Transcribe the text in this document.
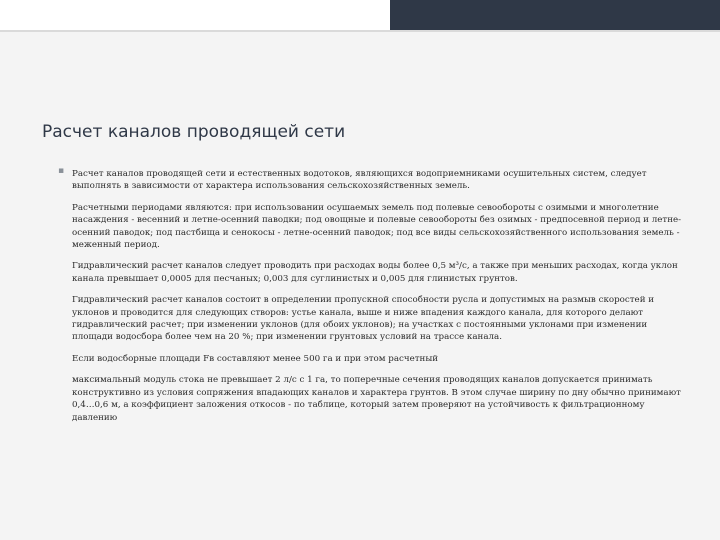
Расчет каналов проводящей сети
▪ Расчет каналов проводящей сети и естественных водотоков, являющихся водоприемниками осушительных систем, следует выполнять в зависимости от характера использования сельскохозяйственных земель.

Расчетными периодами являются: при использовании осушаемых земель под полевые севообороты с озимыми и многолетние насаждения - весенний и летне-осенний паводки; под овощные и полевые севообороты без озимых - предпосевной период и летне-осенний паводок; под пастбища и сенокосы - летне-осенний паводок; под все виды сельскохозяйственного использования земель - меженный период.

Гидравлический расчет каналов следует проводить при расходах воды более 0,5 м³/с, а также при меньших расходах, когда уклон канала превышает 0,0005 для песчаных; 0,003 для суглинистых и 0,005 для глинистых грунтов.

Гидравлический расчет каналов состоит в определении пропускной способности русла и допустимых на размыв скоростей и уклонов и проводится для следующих створов: устье канала, выше и ниже впадения каждого канала, для которого делают гидравлический расчет; при изменении уклонов (для обоих уклонов); на участках с постоянными уклонами при изменении площади водосбора более чем на 20 %; при изменении грунтовых условий на трассе канала.

Если водосборные площади Fв составляют менее 500 га и при этом расчетный

максимальный модуль стока не превышает 2 л/с с 1 га, то поперечные сечения проводящих каналов допускается принимать конструктивно из условия сопряжения впадающих каналов и характера грунтов. В этом случае ширину по дну обычно принимают 0,4…0,6 м, а коэффициент заложения откосов - по таблице, который затем проверяют на устойчивость к фильтрационному давлению
